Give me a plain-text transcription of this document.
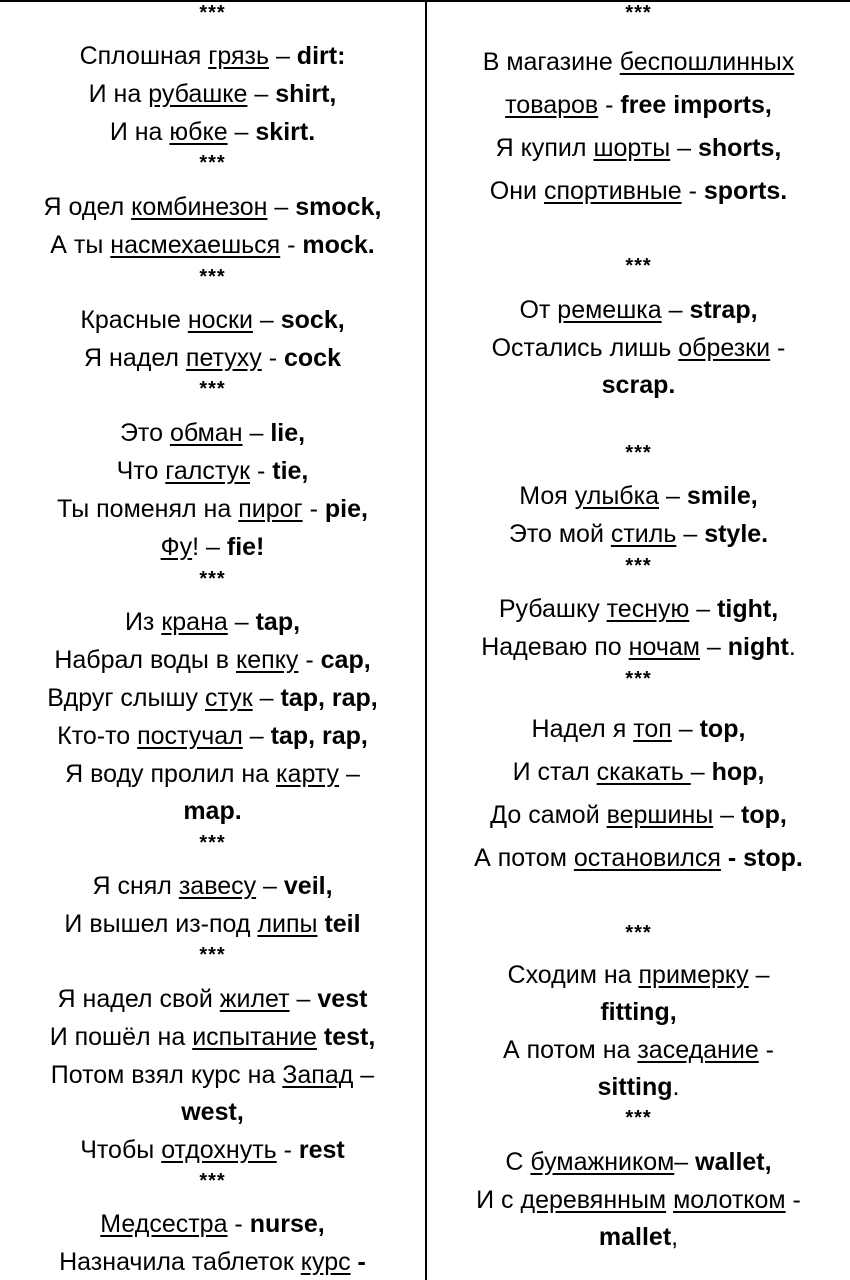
***
Сплошная грязь – dirt:
И на рубашке – shirt,
И на юбке – skirt.
***
Я одел комбинезон – smock,
А ты насмехаешься - mock.
***
Красные носки – sock,
Я надел петуху - cock
***
Это обман – lie,
Что галстук - tie,
Ты поменял на пирог - pie,
Фу! – fie!
***
Из крана – tap,
Набрал воды в кепку - cap,
Вдруг слышу стук – tap, rap,
Кто-то постучал – tap, rap,
Я воду пролил на карту –
map.
***
Я снял завесу – veil,
И вышел из-под липы teil
***
Я надел свой жилет – vest
И пошёл на испытание test,
Потом взял курс на Запад –
west,
Чтобы отдохнуть - rest
***
Медсестра - nurse,
Назначила таблеток курс -
***
В магазине беспошлинных
товаров - free imports,
Я купил шорты – shorts,
Они спортивные - sports.
***
От ремешка – strap,
Остались лишь обрезки -
scrap.
***
Моя улыбка – smile,
Это мой стиль – style.
***
Рубашку тесную – tight,
Надеваю по ночам – night.
***
Надел я топ – top,
И стал скакать – hop,
До самой вершины – top,
А потом остановился - stop.
***
Сходим на примерку –
fitting,
А потом на заседание -
sitting.
***
С бумажником– wallet,
И с деревянным молотком -
mallet,
